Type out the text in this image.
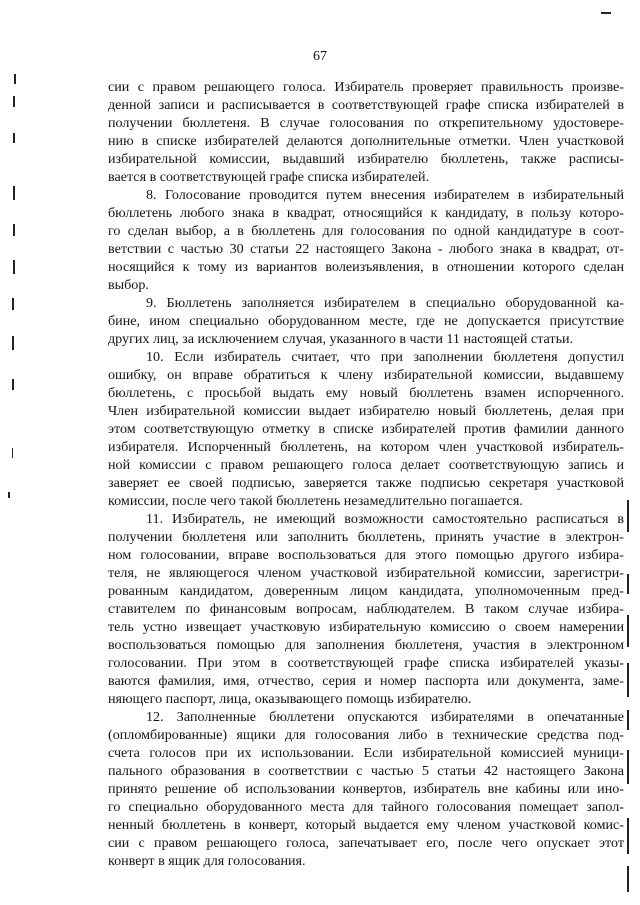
67
сии с правом решающего голоса. Избиратель проверяет правильность произве-
денной записи и расписывается в соответствующей графе списка избирателей в
получении бюллетеня. В случае голосования по открепительному удостовере-
нию в списке избирателей делаются дополнительные отметки. Член участковой
избирательной комиссии, выдавший избирателю бюллетень, также расписы-
вается в соответствующей графе списка избирателей.
8. Голосование проводится путем внесения избирателем в избирательный
бюллетень любого знака в квадрат, относящийся к кандидату, в пользу которо-
го сделан выбор, а в бюллетень для голосования по одной кандидатуре в соот-
ветствии с частью 30 статьи 22 настоящего Закона - любого знака в квадрат, от-
носящийся к тому из вариантов волеизъявления, в отношении которого сделан
выбор.
9. Бюллетень заполняется избирателем в специально оборудованной ка-
бине, ином специально оборудованном месте, где не допускается присутствие
других лиц, за исключением случая, указанного в части 11 настоящей статьи.
10. Если избиратель считает, что при заполнении бюллетеня допустил
ошибку, он вправе обратиться к члену избирательной комиссии, выдавшему
бюллетень, с просьбой выдать ему новый бюллетень взамен испорченного.
Член избирательной комиссии выдает избирателю новый бюллетень, делая при
этом соответствующую отметку в списке избирателей против фамилии данного
избирателя. Испорченный бюллетень, на котором член участковой избиратель-
ной комиссии с правом решающего голоса делает соответствующую запись и
заверяет ее своей подписью, заверяется также подписью секретаря участковой
комиссии, после чего такой бюллетень незамедлительно погашается.
11. Избиратель, не имеющий возможности самостоятельно расписаться в
получении бюллетеня или заполнить бюллетень, принять участие в электрон-
ном голосовании, вправе воспользоваться для этого помощью другого избира-
теля, не являющегося членом участковой избирательной комиссии, зарегистри-
рованным кандидатом, доверенным лицом кандидата, уполномоченным пред-
ставителем по финансовым вопросам, наблюдателем. В таком случае избира-
тель устно извещает участковую избирательную комиссию о своем намерении
воспользоваться помощью для заполнения бюллетеня, участия в электронном
голосовании. При этом в соответствующей графе списка избирателей указы-
ваются фамилия, имя, отчество, серия и номер паспорта или документа, заме-
няющего паспорт, лица, оказывающего помощь избирателю.
12. Заполненные бюллетени опускаются избирателями в опечатанные
(опломбированные) ящики для голосования либо в технические средства под-
счета голосов при их использовании. Если избирательной комиссией муници-
пального образования в соответствии с частью 5 статьи 42 настоящего Закона
принято решение об использовании конвертов, избиратель вне кабины или ино-
го специально оборудованного места для тайного голосования помещает запол-
ненный бюллетень в конверт, который выдается ему членом участковой комис-
сии с правом решающего голоса, запечатывает его, после чего опускает этот
конверт в ящик для голосования.
